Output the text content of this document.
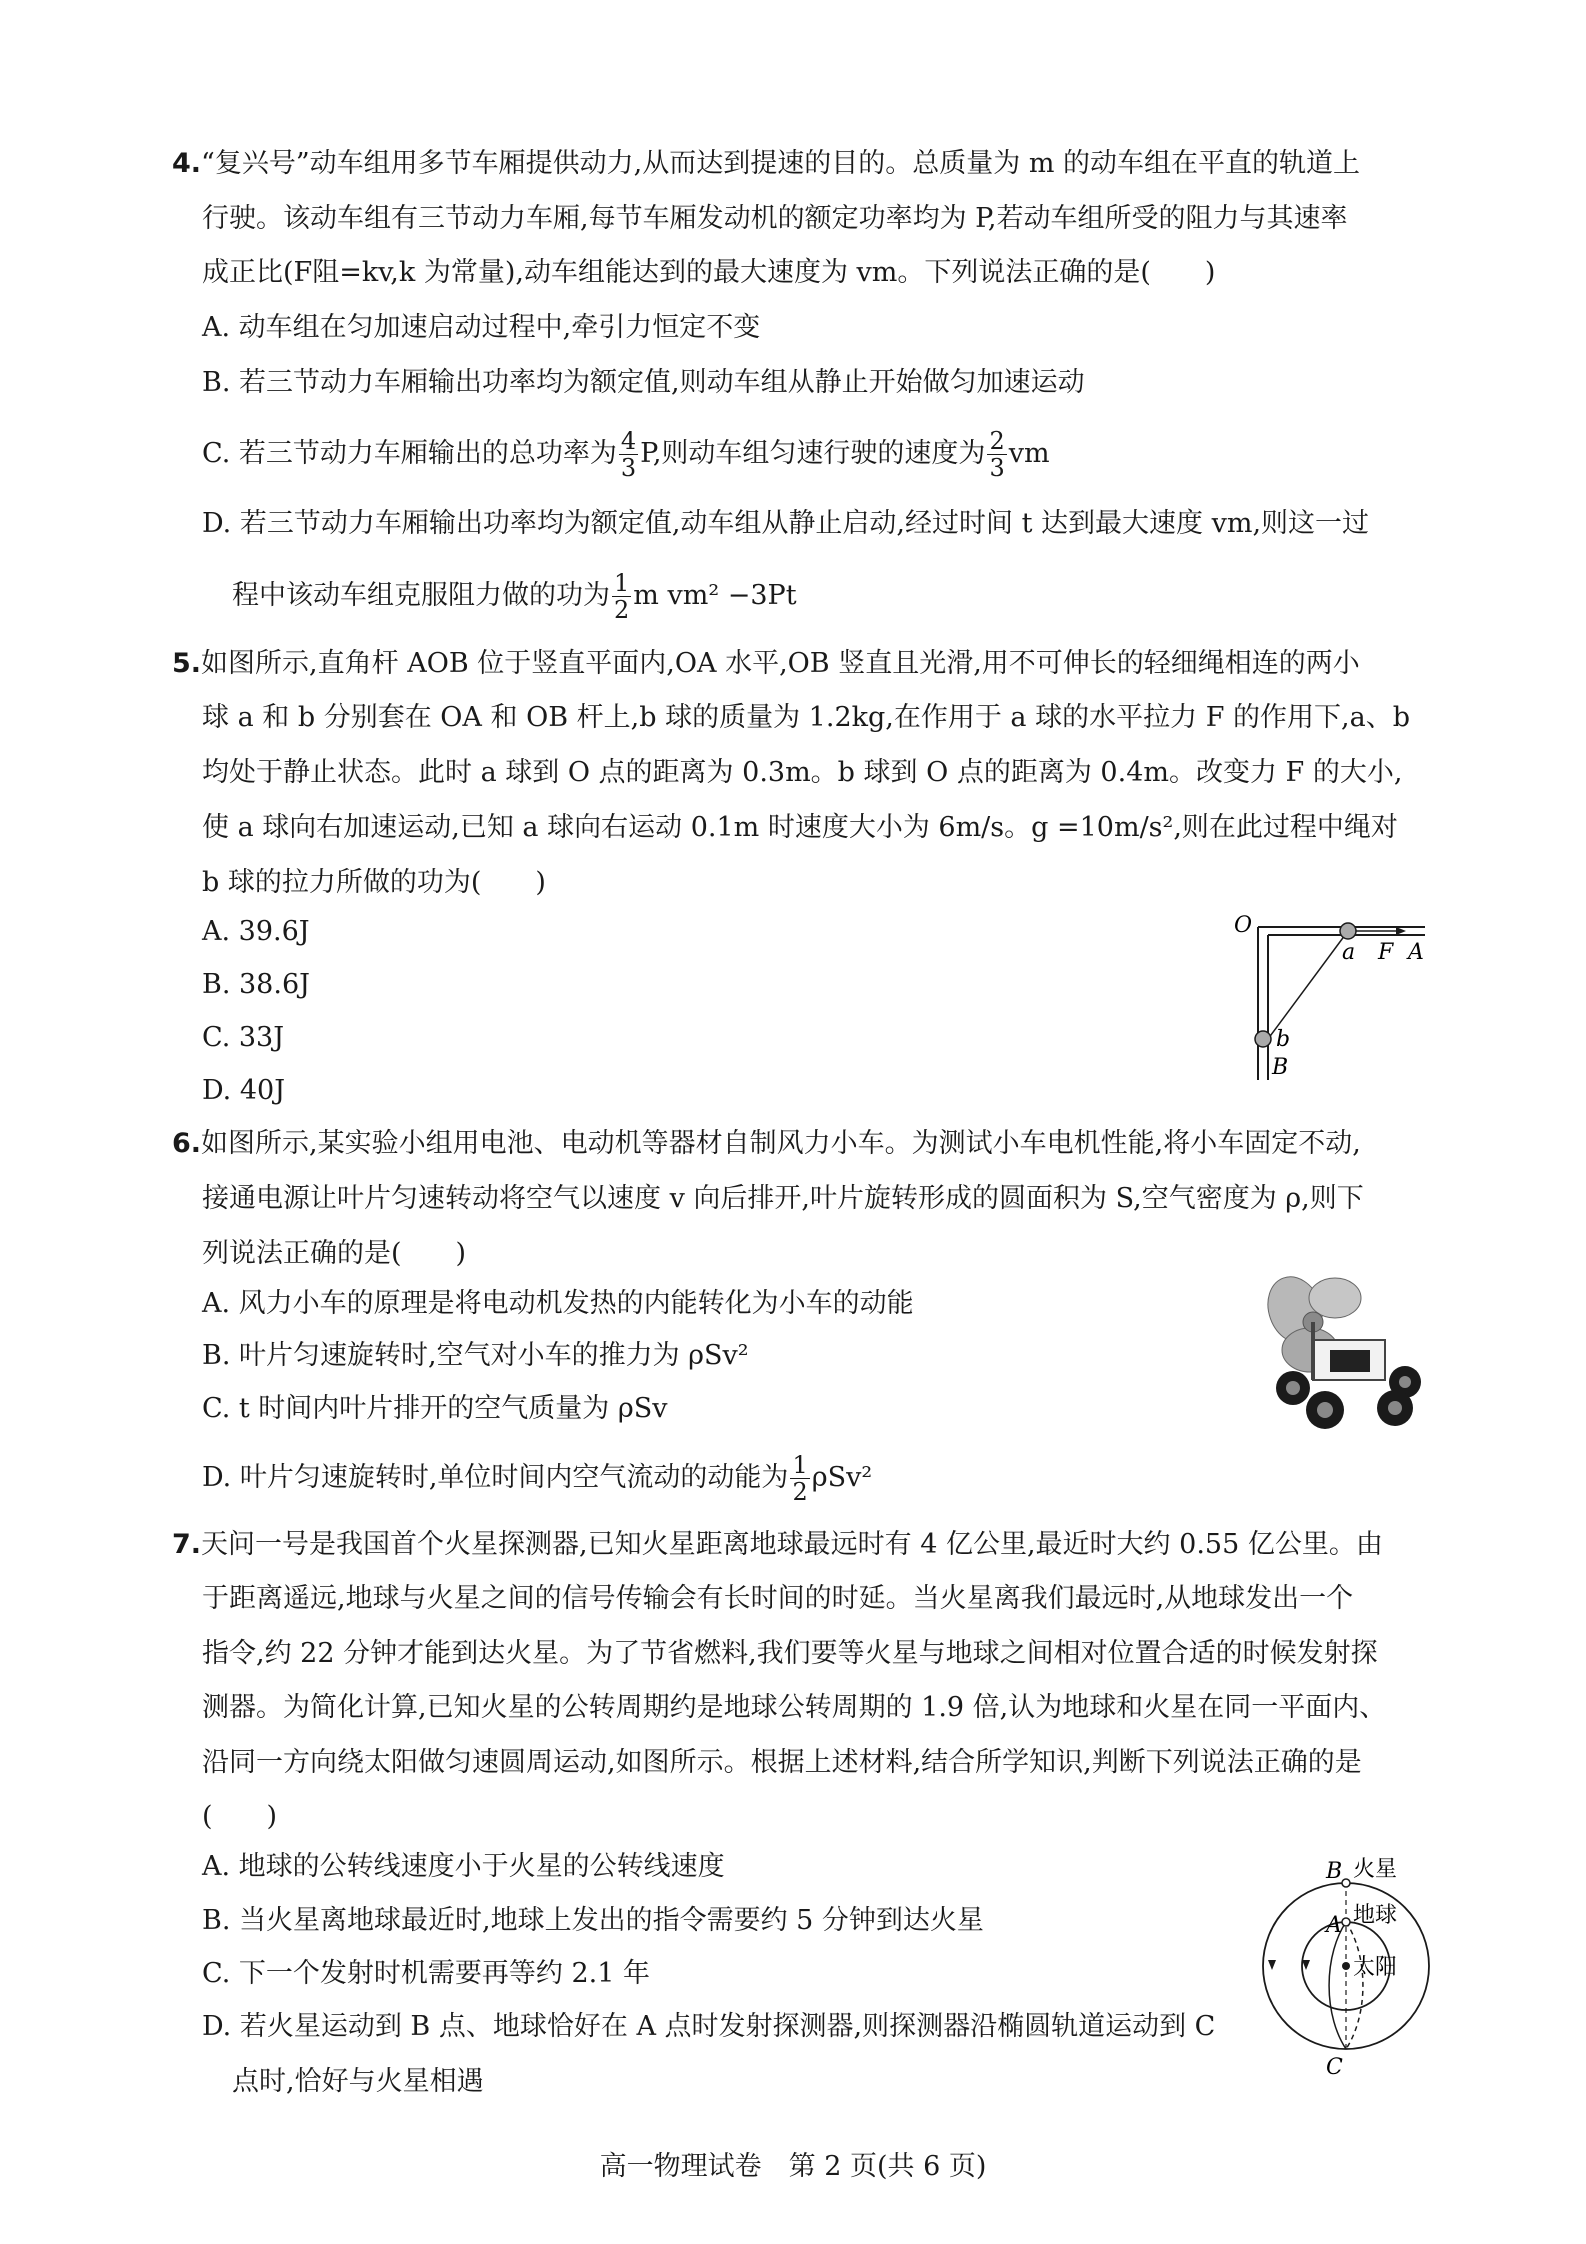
4.“复兴号”动车组用多节车厢提供动力,从而达到提速的目的。总质量为 m 的动车组在平直的轨道上
行驶。该动车组有三节动力车厢,每节车厢发动机的额定功率均为 P,若动车组所受的阻力与其速率
成正比(F阻=kv,k 为常量),动车组能达到的最大速度为 vm。下列说法正确的是(　　)
A. 动车组在匀加速启动过程中,牵引力恒定不变
B. 若三节动力车厢输出功率均为额定值,则动车组从静止开始做匀加速运动
C. 若三节动力车厢输出的总功率为 $\frac{4}{3} P$,则动车组匀速行驶的速度为 $\frac{2}{3}$ vm
D. 若三节动力车厢输出功率均为额定值,动车组从静止启动,经过时间 t 达到最大速度 vm,则这一过
程中该动车组克服阻力做的功为 $\frac{1}{2}$ m vm² −3Pt
5.如图所示,直角杆 AOB 位于竖直平面内,OA 水平,OB 竖直且光滑,用不可伸长的轻细绳相连的两小
球 a 和 b 分别套在 OA 和 OB 杆上,b 球的质量为 1.2kg,在作用于 a 球的水平拉力 F 的作用下,a、b
均处于静止状态。此时 a 球到 O 点的距离为 0.3m。b 球到 O 点的距离为 0.4m。改变力 F 的大小,
使 a 球向右加速运动,已知 a 球向右运动 0.1m 时速度大小为 6m/s。g =10m/s²,则在此过程中绳对
b 球的拉力所做的功为(　　)
A. 39.6J
B. 38.6J
C. 33J
D. 40J
O
a F A
b
B
6.如图所示,某实验小组用电池、电动机等器材自制风力小车。为测试小车电机性能,将小车固定不动,
接通电源让叶片匀速转动将空气以速度 v 向后排开,叶片旋转形成的圆面积为 S,空气密度为 ρ,则下
列说法正确的是(　　)
A. 风力小车的原理是将电动机发热的内能转化为小车的动能
B. 叶片匀速旋转时,空气对小车的推力为 ρSv²
C. t 时间内叶片排开的空气质量为 ρSv
D. 叶片匀速旋转时,单位时间内空气流动的动能为 $\frac{1}{2} \rho Sv^2$
7.天问一号是我国首个火星探测器,已知火星距离地球最远时有 4 亿公里,最近时大约 0.55 亿公里。由
于距离遥远,地球与火星之间的信号传输会有长时间的时延。当火星离我们最远时,从地球发出一个
指令,约 22 分钟才能到达火星。为了节省燃料,我们要等火星与地球之间相对位置合适的时候发射探
测器。为简化计算,已知火星的公转周期约是地球公转周期的 1.9 倍,认为地球和火星在同一平面内、
沿同一方向绕太阳做匀速圆周运动,如图所示。根据上述材料,结合所学知识,判断下列说法正确的是
(　　)
A. 地球的公转线速度小于火星的公转线速度
B. 当火星离地球最近时,地球上发出的指令需要约 5 分钟到达火星
C. 下一个发射时机需要再等约 2.1 年
D. 若火星运动到 B 点、地球恰好在 A 点时发射探测器,则探测器沿椭圆轨道运动到 C
点时,恰好与火星相遇
B 火星
A 地球
太阳
C
高一物理试卷　第 2 页(共 6 页)
